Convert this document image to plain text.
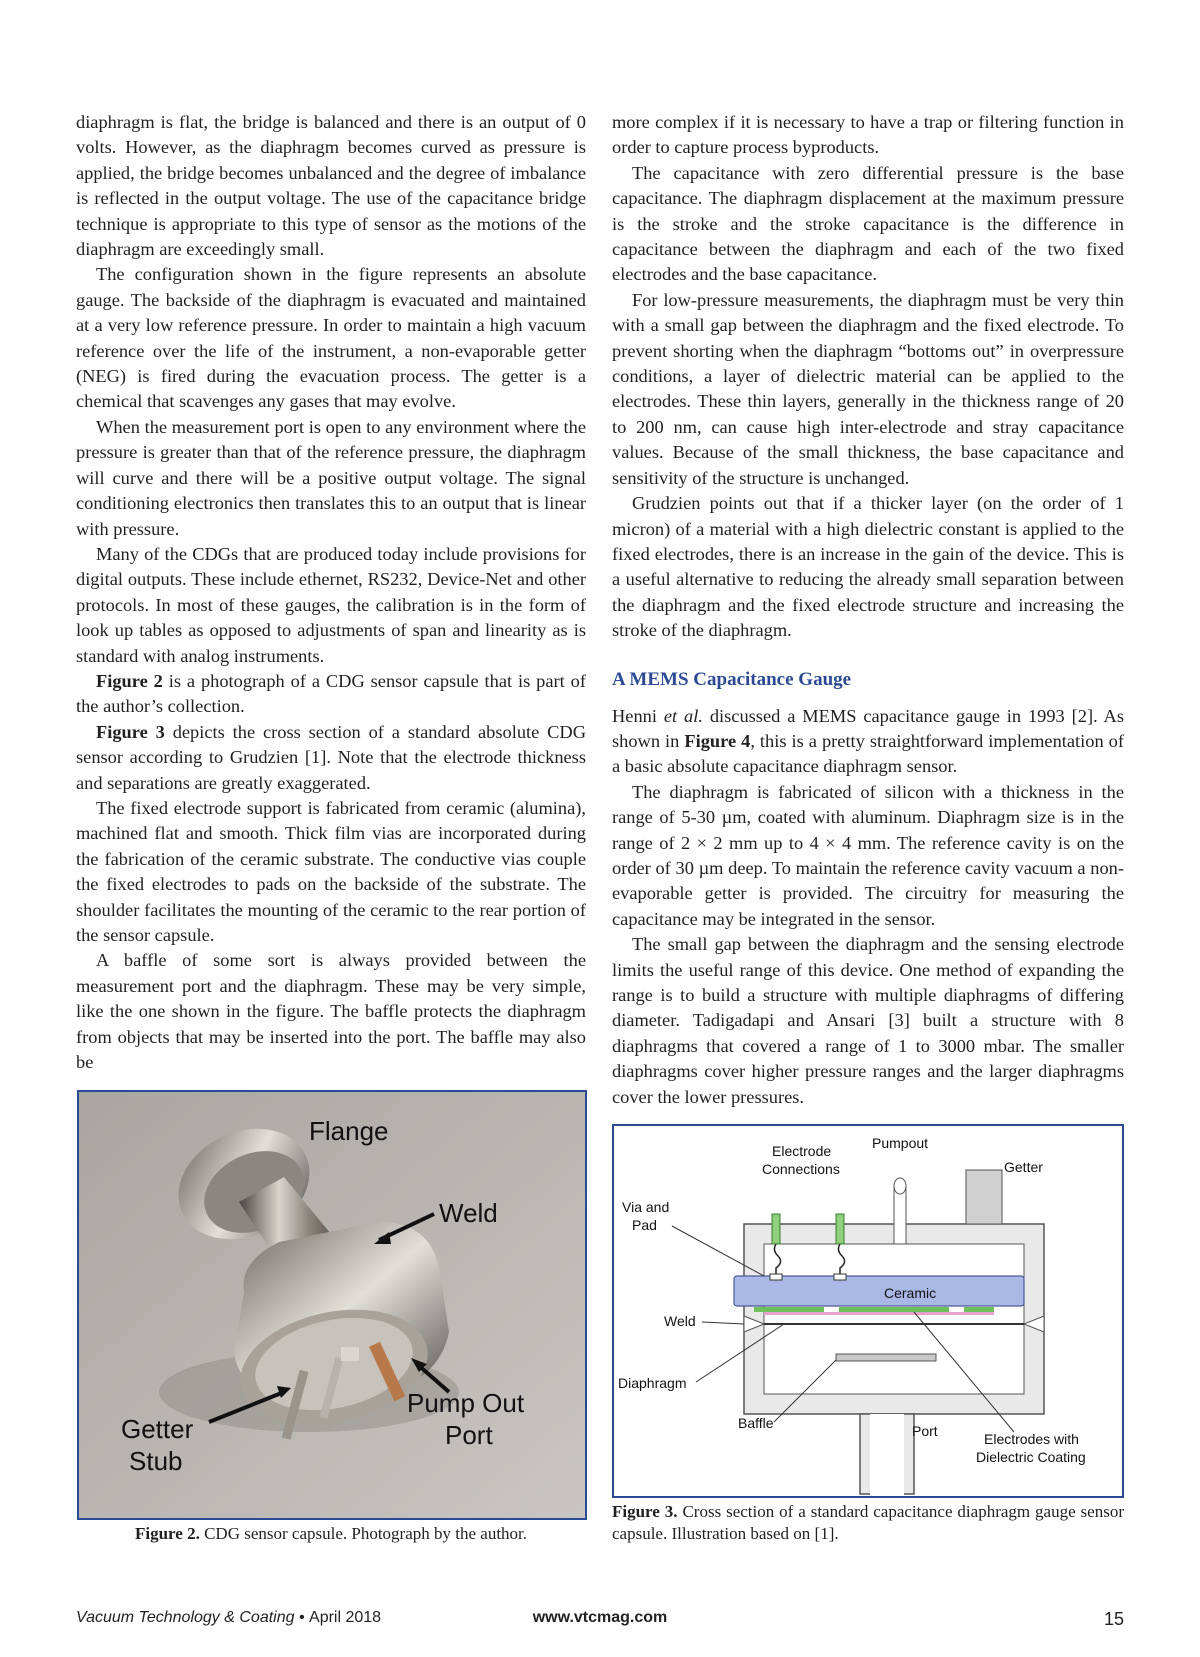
diaphragm is flat, the bridge is balanced and there is an output of 0 volts. However, as the diaphragm becomes curved as pressure is applied, the bridge becomes unbalanced and the degree of imbalance is reflected in the output voltage. The use of the capacitance bridge technique is appropriate to this type of sensor as the motions of the diaphragm are exceedingly small.

The configuration shown in the figure represents an absolute gauge. The backside of the diaphragm is evacuated and maintained at a very low reference pressure. In order to maintain a high vacuum reference over the life of the instrument, a non-evaporable getter (NEG) is fired during the evacuation process. The getter is a chemical that scavenges any gases that may evolve.

When the measurement port is open to any environment where the pressure is greater than that of the reference pressure, the diaphragm will curve and there will be a positive output voltage. The signal conditioning electronics then translates this to an output that is linear with pressure.

Many of the CDGs that are produced today include provisions for digital outputs. These include ethernet, RS232, Device-Net and other protocols. In most of these gauges, the calibration is in the form of look up tables as opposed to adjustments of span and linearity as is standard with analog instruments.

Figure 2 is a photograph of a CDG sensor capsule that is part of the author’s collection.

Figure 3 depicts the cross section of a standard absolute CDG sensor according to Grudzien [1]. Note that the electrode thickness and separations are greatly exaggerated.

The fixed electrode support is fabricated from ceramic (alumina), machined flat and smooth. Thick film vias are incorporated during the fabrication of the ceramic substrate. The conductive vias couple the fixed electrodes to pads on the backside of the substrate. The shoulder facilitates the mounting of the ceramic to the rear portion of the sensor capsule.

A baffle of some sort is always provided between the measurement port and the diaphragm. These may be very simple, like the one shown in the figure. The baffle protects the diaphragm from objects that may be inserted into the port. The baffle may also be

more complex if it is necessary to have a trap or filtering function in order to capture process byproducts.

The capacitance with zero differential pressure is the base capacitance. The diaphragm displacement at the maximum pressure is the stroke and the stroke capacitance is the difference in capacitance between the diaphragm and each of the two fixed electrodes and the base capacitance.

For low-pressure measurements, the diaphragm must be very thin with a small gap between the diaphragm and the fixed electrode. To prevent shorting when the diaphragm “bottoms out” in overpressure conditions, a layer of dielectric material can be applied to the electrodes. These thin layers, generally in the thickness range of 20 to 200 nm, can cause high inter-electrode and stray capacitance values. Because of the small thickness, the base capacitance and sensitivity of the structure is unchanged.

Grudzien points out that if a thicker layer (on the order of 1 micron) of a material with a high dielectric constant is applied to the fixed electrodes, there is an increase in the gain of the device. This is a useful alternative to reducing the already small separation between the diaphragm and the fixed electrode structure and increasing the stroke of the diaphragm.

A MEMS Capacitance Gauge

Henni et al. discussed a MEMS capacitance gauge in 1993 [2]. As shown in Figure 4, this is a pretty straightforward implementation of a basic absolute capacitance diaphragm sensor.

The diaphragm is fabricated of silicon with a thickness in the range of 5-30 µm, coated with aluminum. Diaphragm size is in the range of 2 × 2 mm up to 4 × 4 mm. The reference cavity is on the order of 30 µm deep. To maintain the reference cavity vacuum a non-evaporable getter is provided. The circuitry for measuring the capacitance may be integrated in the sensor.

The small gap between the diaphragm and the sensing electrode limits the useful range of this device. One method of expanding the range is to build a structure with multiple diaphragms of differing diameter. Tadigadapi and Ansari [3] built a structure with 8 diaphragms that covered a range of 1 to 3000 mbar. The smaller diaphragms cover higher pressure ranges and the larger diaphragms cover the lower pressures.

Flange
Weld
Pump Out
Port
Getter
Stub
Figure 2. CDG sensor capsule. Photograph by the author.
Ceramic
Electrode
Connections
Pumpout
Getter
Via and
Pad
Weld
Diaphragm
Baffle	Port	Electrodes with
Dielectric Coating
Figure 3. Cross section of a standard capacitance diaphragm gauge sensor capsule. Illustration based on [1].
Vacuum Technology & Coating • April 2018	www.vtcmag.com	15
